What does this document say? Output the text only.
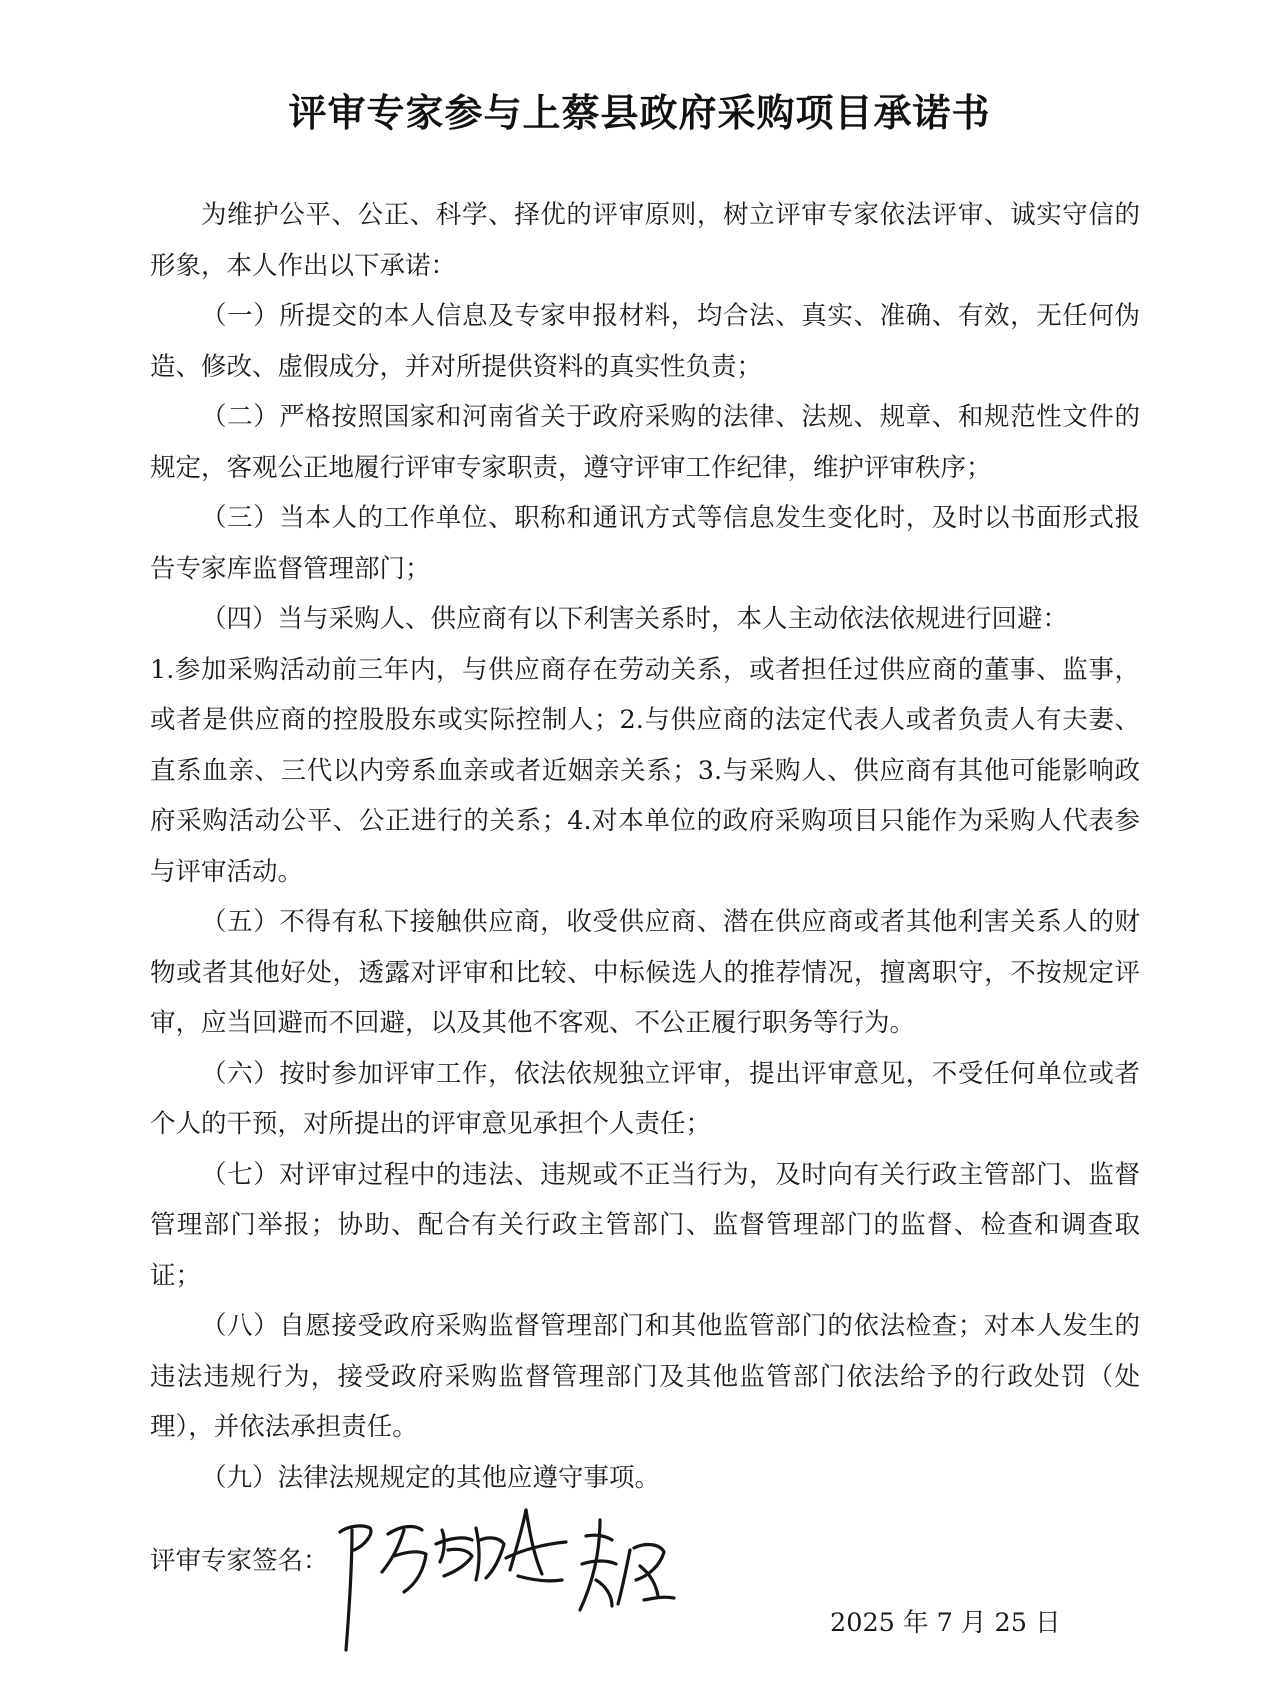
评审专家参与上蔡县政府采购项目承诺书

为维护公平、公正、科学、择优的评审原则，树立评审专家依法评审、诚实守信的形象，本人作出以下承诺：

（一）所提交的本人信息及专家申报材料，均合法、真实、准确、有效，无任何伪造、修改、虚假成分，并对所提供资料的真实性负责；

（二）严格按照国家和河南省关于政府采购的法律、法规、规章、和规范性文件的规定，客观公正地履行评审专家职责，遵守评审工作纪律，维护评审秩序；

（三）当本人的工作单位、职称和通讯方式等信息发生变化时，及时以书面形式报告专家库监督管理部门；

（四）当与采购人、供应商有以下利害关系时，本人主动依法依规进行回避：

1.参加采购活动前三年内，与供应商存在劳动关系，或者担任过供应商的董事、监事，或者是供应商的控股股东或实际控制人；2.与供应商的法定代表人或者负责人有夫妻、直系血亲、三代以内旁系血亲或者近姻亲关系；3.与采购人、供应商有其他可能影响政府采购活动公平、公正进行的关系；4.对本单位的政府采购项目只能作为采购人代表参与评审活动。

（五）不得有私下接触供应商，收受供应商、潜在供应商或者其他利害关系人的财物或者其他好处，透露对评审和比较、中标候选人的推荐情况，擅离职守，不按规定评审，应当回避而不回避，以及其他不客观、不公正履行职务等行为。

（六）按时参加评审工作，依法依规独立评审，提出评审意见，不受任何单位或者个人的干预，对所提出的评审意见承担个人责任；

（七）对评审过程中的违法、违规或不正当行为，及时向有关行政主管部门、监督管理部门举报；协助、配合有关行政主管部门、监督管理部门的监督、检查和调查取证；

（八）自愿接受政府采购监督管理部门和其他监管部门的依法检查；对本人发生的违法违规行为，接受政府采购监督管理部门及其他监管部门依法给予的行政处罚（处理），并依法承担责任。

（九）法律法规规定的其他应遵守事项。

评审专家签名：
2025 年 7 月 25 日
